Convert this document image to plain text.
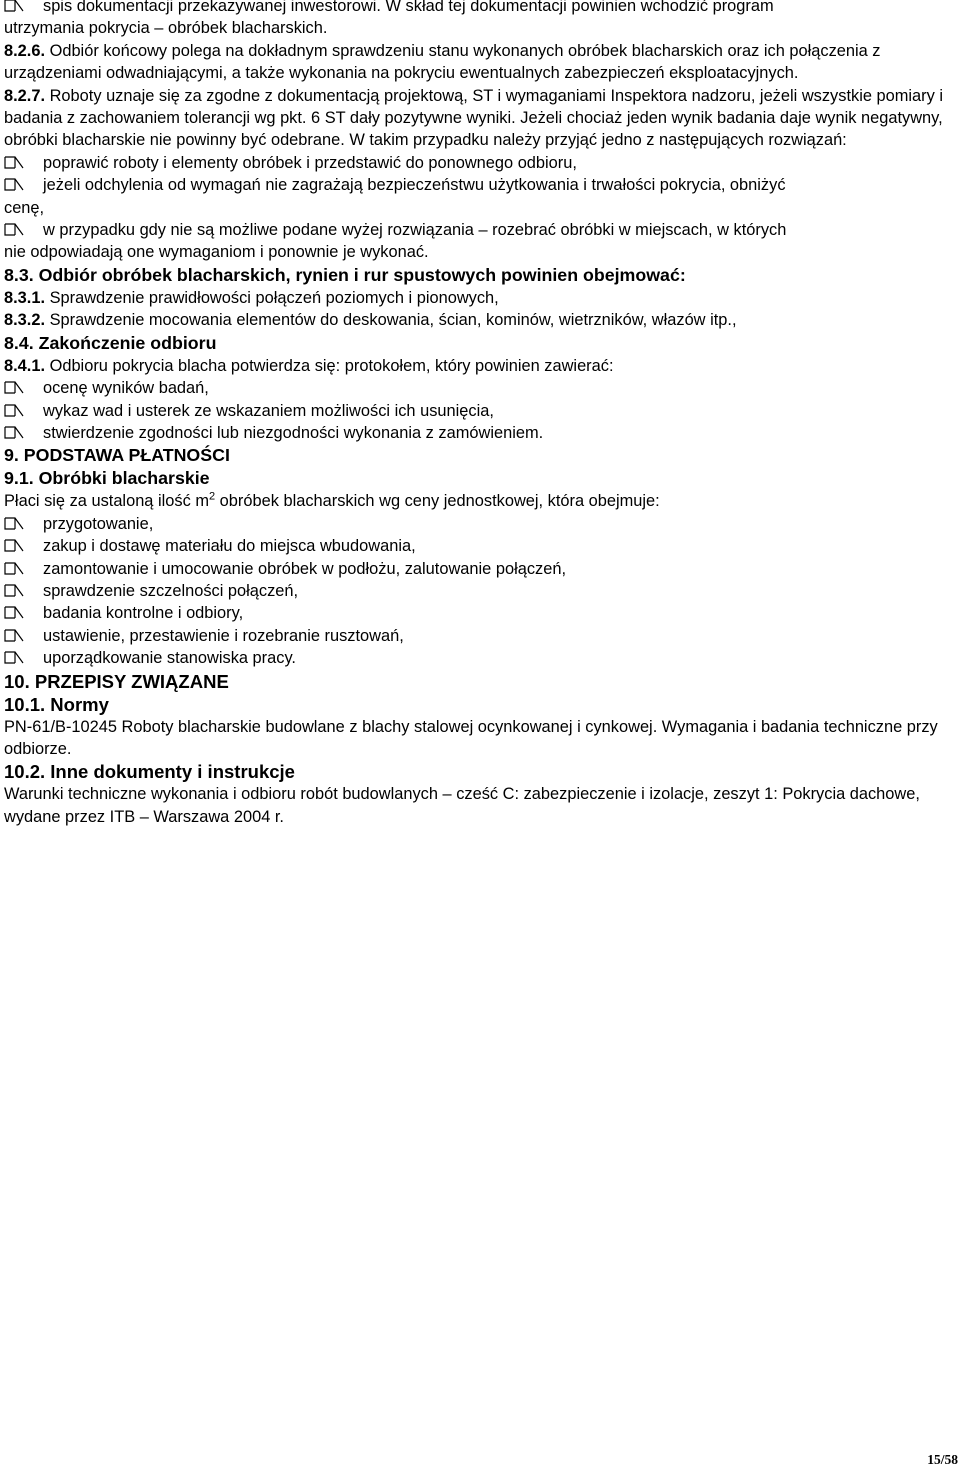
spis dokumentacji przekazywanej inwestorowi. W skład tej dokumentacji powinien wchodzić program

utrzymania pokrycia – obróbek blacharskich.

8.2.6. Odbiór końcowy polega na dokładnym sprawdzeniu stanu wykonanych obróbek blacharskich oraz ich połączenia z urządzeniami odwadniającymi, a także wykonania na pokryciu ewentualnych zabezpieczeń eksploatacyjnych.

8.2.7. Roboty uznaje się za zgodne z dokumentacją projektową, ST i wymaganiami Inspektora nadzoru, jeżeli wszystkie pomiary i badania z zachowaniem tolerancji wg pkt. 6 ST dały pozytywne wyniki. Jeżeli chociaż jeden wynik badania daje wynik negatywny, obróbki blacharskie nie powinny być odebrane. W takim przypadku należy przyjąć jedno z następujących rozwiązań:

poprawić roboty i elementy obróbek i przedstawić do ponownego odbioru,

jeżeli odchylenia od wymagań nie zagrażają bezpieczeństwu użytkowania i trwałości pokrycia, obniżyć

cenę,

w przypadku gdy nie są możliwe podane wyżej rozwiązania – rozebrać obróbki w miejscach, w których

nie odpowiadają one wymaganiom i ponownie je wykonać.

8.3. Odbiór obróbek blacharskich, rynien i rur spustowych powinien obejmować:

8.3.1. Sprawdzenie prawidłowości połączeń poziomych i pionowych,

8.3.2. Sprawdzenie mocowania elementów do deskowania, ścian, kominów, wietrzników, włazów itp.,

8.4. Zakończenie odbioru

8.4.1. Odbioru pokrycia blacha potwierdza się: protokołem, który powinien zawierać:

ocenę wyników badań,

wykaz wad i usterek ze wskazaniem możliwości ich usunięcia,

stwierdzenie zgodności lub niezgodności wykonania z zamówieniem.

9. PODSTAWA PŁATNOŚCI
9.1. Obróbki blacharskie

Płaci się za ustaloną ilość $m^2$ obróbek blacharskich wg ceny jednostkowej, która obejmuje:

przygotowanie,

zakup i dostawę materiału do miejsca wbudowania,

zamontowanie i umocowanie obróbek w podłożu, zalutowanie połączeń,

sprawdzenie szczelności połączeń,

badania kontrolne i odbiory,

ustawienie, przestawienie i rozebranie rusztowań,

uporządkowanie stanowiska pracy.

10. PRZEPISY ZWIĄZANE
10.1. Normy

PN-61/B-10245 Roboty blacharskie budowlane z blachy stalowej ocynkowanej i cynkowej. Wymagania i badania techniczne przy odbiorze.

10.2. Inne dokumenty i instrukcje

Warunki techniczne wykonania i odbioru robót budowlanych – cześć C: zabezpieczenie i izolacje, zeszyt 1: Pokrycia dachowe, wydane przez ITB – Warszawa 2004 r.

15/58
